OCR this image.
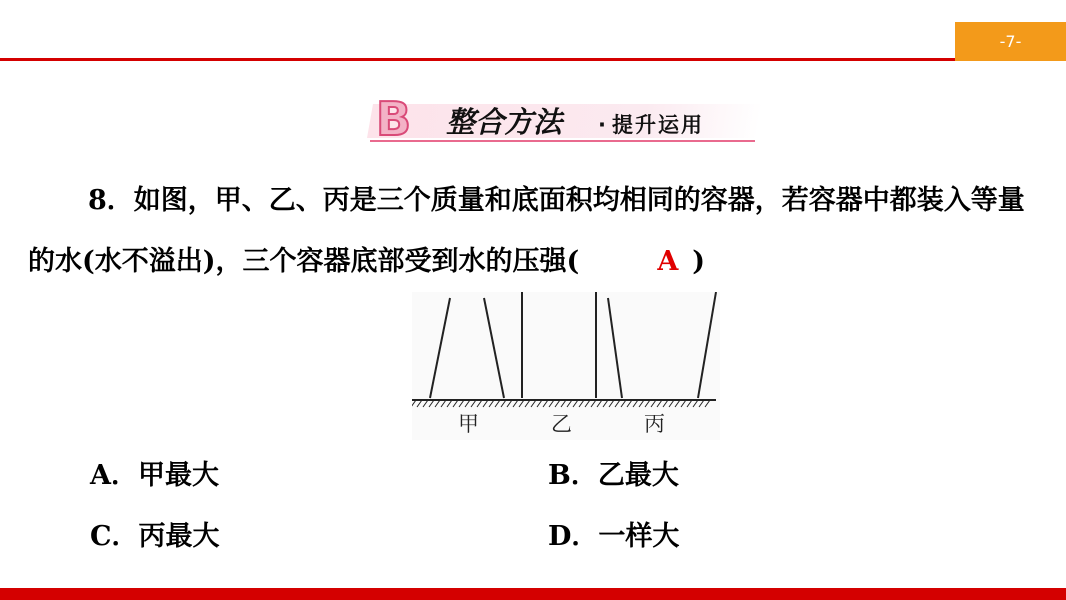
-7-
B 整合方法 · 提升运用
8．如图，甲、乙、丙是三个质量和底面积均相同的容器，若容器中都装入等量的水(水不溢出)，三个容器底部受到水的压强(	A )
甲	乙	丙
A．甲最大	B．乙最大
C．丙最大	D．一样大
